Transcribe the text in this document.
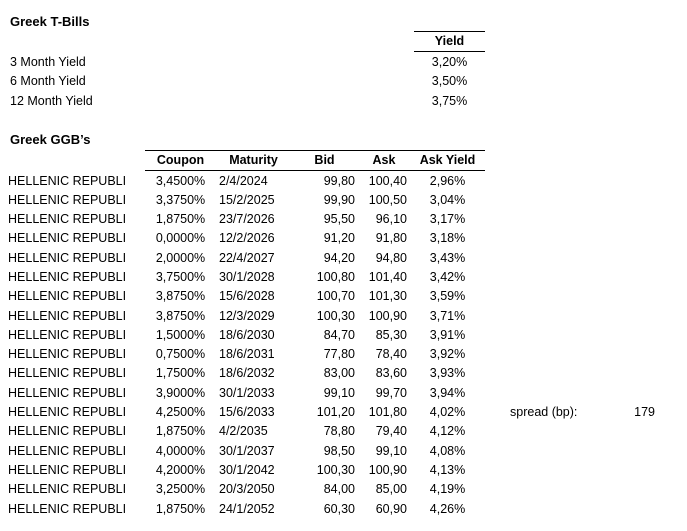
Greek T-Bills
Yield
3 Month Yield	3,20%
6 Month Yield	3,50%
12 Month Yield	3,75%
Greek GGB’s
Coupon	Maturity	Bid	Ask	Ask Yield
HELLENIC REPUBLI	3,4500%	2/4/2024	99,80	100,40	2,96%
HELLENIC REPUBLI	3,3750%	15/2/2025	99,90	100,50	3,04%
HELLENIC REPUBLI	1,8750%	23/7/2026	95,50	96,10	3,17%
HELLENIC REPUBLI	0,0000%	12/2/2026	91,20	91,80	3,18%
HELLENIC REPUBLI	2,0000%	22/4/2027	94,20	94,80	3,43%
HELLENIC REPUBLI	3,7500%	30/1/2028	100,80	101,40	3,42%
HELLENIC REPUBLI	3,8750%	15/6/2028	100,70	101,30	3,59%
HELLENIC REPUBLI	3,8750%	12/3/2029	100,30	100,90	3,71%
HELLENIC REPUBLI	1,5000%	18/6/2030	84,70	85,30	3,91%
HELLENIC REPUBLI	0,7500%	18/6/2031	77,80	78,40	3,92%
HELLENIC REPUBLI	1,7500%	18/6/2032	83,00	83,60	3,93%
HELLENIC REPUBLI	3,9000%	30/1/2033	99,10	99,70	3,94%
HELLENIC REPUBLI	4,2500%	15/6/2033	101,20	101,80	4,02%
HELLENIC REPUBLI	1,8750%	4/2/2035	78,80	79,40	4,12%
HELLENIC REPUBLI	4,0000%	30/1/2037	98,50	99,10	4,08%
HELLENIC REPUBLI	4,2000%	30/1/2042	100,30	100,90	4,13%
HELLENIC REPUBLI	3,2500%	20/3/2050	84,00	85,00	4,19%
HELLENIC REPUBLI	1,8750%	24/1/2052	60,30	60,90	4,26%
spread (bp):	179
